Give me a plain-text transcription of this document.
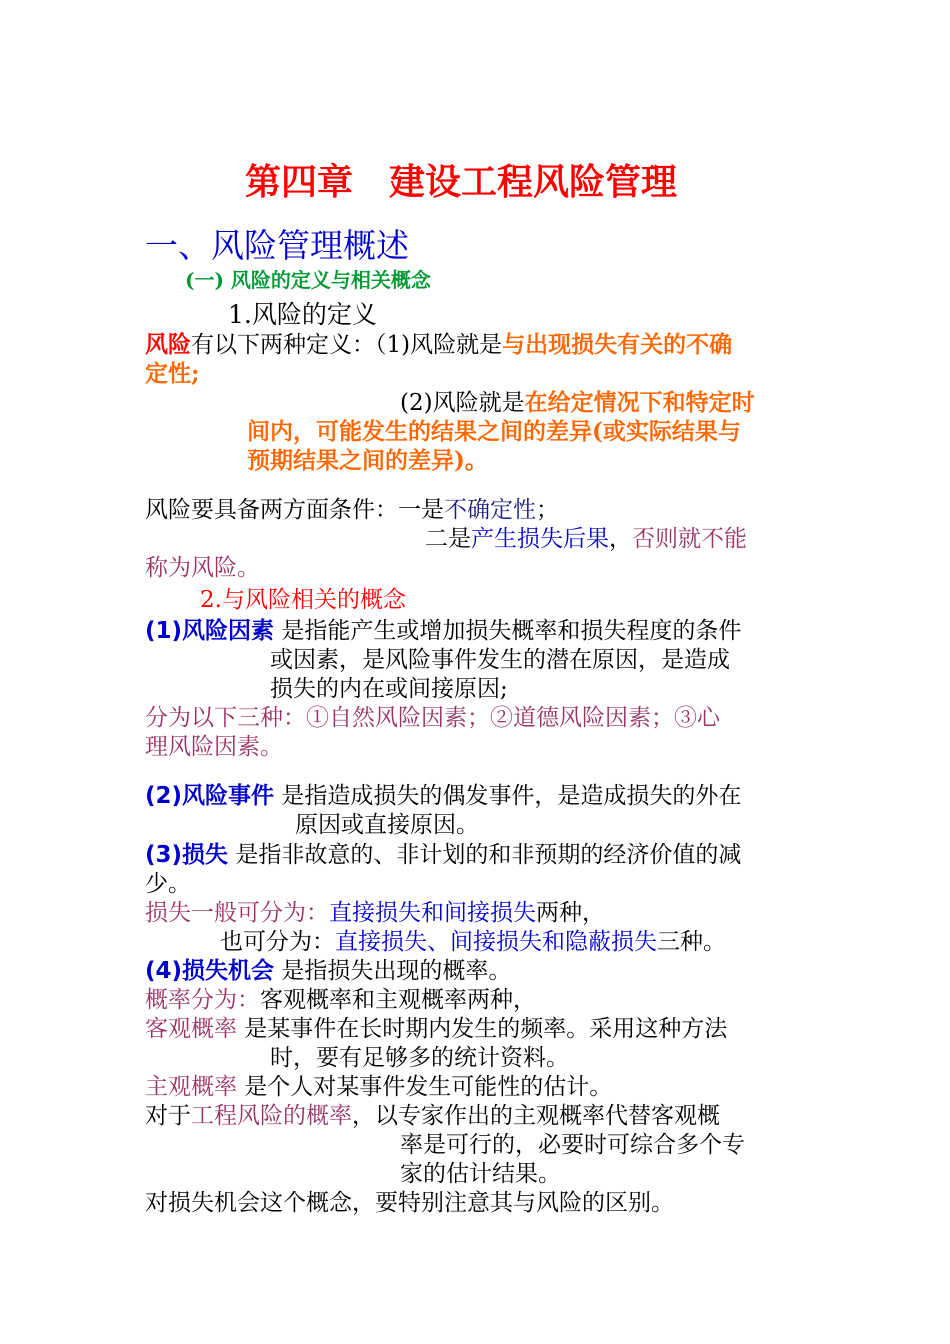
第四章　建设工程风险管理
一、风险管理概述
(一) 风险的定义与相关概念
1.风险的定义
风险有以下两种定义：（1)风险就是与出现损失有关的不确
定性;
(2)风险就是在给定情况下和特定时
间内，可能发生的结果之间的差异(或实际结果与
预期结果之间的差异)。
风险要具备两方面条件：一是不确定性；
二是产生损失后果，否则就不能
称为风险。
2.与风险相关的概念
(1)风险因素 是指能产生或增加损失概率和损失程度的条件
或因素，是风险事件发生的潜在原因，是造成
损失的内在或间接原因;
分为以下三种：①自然风险因素；②道德风险因素；③心
理风险因素。
(2)风险事件 是指造成损失的偶发事件，是造成损失的外在
原因或直接原因。
(3)损失 是指非故意的、非计划的和非预期的经济价值的减
少。
损失一般可分为：直接损失和间接损失两种，
也可分为：直接损失、间接损失和隐蔽损失三种。
(4)损失机会 是指损失出现的概率。
概率分为：客观概率和主观概率两种，
客观概率 是某事件在长时期内发生的频率。采用这种方法
时，要有足够多的统计资料。
主观概率 是个人对某事件发生可能性的估计。
对于工程风险的概率，以专家作出的主观概率代替客观概
率是可行的，必要时可综合多个专
家的估计结果。
对损失机会这个概念，要特别注意其与风险的区别。
